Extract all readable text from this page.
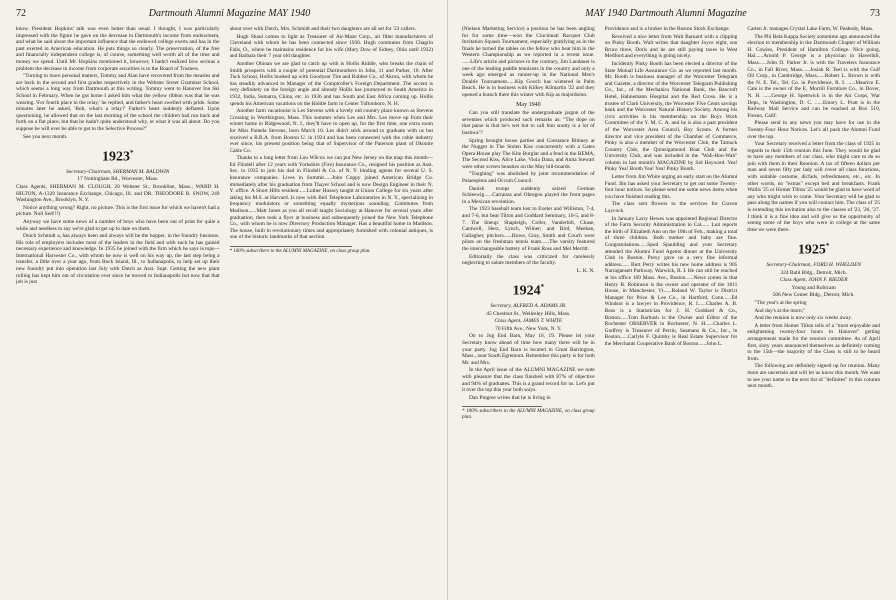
72	Dartmouth Alumni Magazine MAY 1940

know. President Hopkins' talk was even better than usual. I thought, I was particularly impressed with the figure he gave on the decrease in Dartmouth's income from endowment, and what he said about the important influence that the endowed college exerts and has in the past exerted in American education. He puts things so clearly. The preservation, of the free and financially independent college is, of course, something well worth all of the time and money we spend. Until Mr. Hopkins mentioned it, however, I hadn't realized how serious a problem the decrease in income from corporate securities is to the Board of Trustees.

"Turning to more personal matters, Tommy and Alan have recovered from the measles and are back in the second and first grades respectively in the Webster Street Grammar School, which seems a long way from Dartmouth at this writing. Tommy went to Hanover Inn Ski School in February. When he got home I asked him what the yellow ribbon was that he was wearing. 'For fourth place in the relay,' he replied, and father's heart swelled with pride. Some minutes later he asked, 'Bob, what's a relay?' Father's heart suddenly deflated. Upon questioning, he allowed that on the last morning of the school the children had run back and forth on a flat place, but that he hadn't quite understood why, or what it was all about. Do you suppose he will ever be able to get to the Selective Process?"

See you next month.

1923*
Secretary-Chairman, SHERMAN M. BALDWIN
17 Nottingham Rd., Worcester, Mass.

Class Agents, SHERMAN M. CLOUGH, 20 Webster St., Brookline, Mass.; WARD H. HILTON, A-1329 Insurance Exchange, Chicago, Ill. and DR. THEODORE R. SNOW, 249 Washington Ave., Brooklyn, N. Y.

Notice anything wrong? Right, no picture. This is the first issue for which we haven't had a picture. Null Sed!!!)

Anyway we have some news of a number of boys who have been out of print for quite a while and needless to say we're glad to get up to date on them.

Dutch Schmidt a, has always been and always will be the hopper, in the foundry business. His role of employers includes most of the leaders in the field and with each he has gained necessary experience and knowledge. In 1935 he joined with the firm which he says is tops—International Harvester Co., with whom he now is well on his way up, the last step being a transfer, a little over a year ago, from Rock Island, Ill., to Indianapolis, to help set up their new foundry put into operation last July with Dutch as Asst. Supt. Getting the new plant rolling has kept him out of circulation ever since he moved to Indianapolis but now that that job is just

about over with Dutch, Mrs. Schmidt and their two daughters are all set for '23 callers.

Hugh Shaul comes to light as Treasurer of Air-Maze Corp., air filter manufacturers of Cleveland with whom he has been connected since 1936. Hugh commutes from Chagrin Falls, O., where he maintains residence for his wife (Mary Dow of Sidney, Ohio until 1932) and Barbara their 7 year old daughter.

Another Ohioan we are glad to catch up with is Hollis Riddle, who breaks the chain of Smith prospects with a couple of potential Dartmouthers in John, 11 and Parker, 10. After Tuck School, Hollis hooked up with Goodyear Tire and Rubber Co., of Akron, with whom he has steadily advanced to Manager of the Comptroller's Foreign Department. The accent is very definitely on the foreign angle and already Hollis has journeyed to South America in 1932, India, Sumatra, China, etc. in 1936 and has South and East Africa coming up. Hollis spends his American vacations on the Riddle farm in Center Tuftonboro, N. H.

Another farm vacationist is Les Stevens with a lovely old country place known as Stevens Crossing in Worthington, Mass. This summer when Les and Mrs. Les move up from their winter home in Ridgewood, N. J., they'll have to open up, for the first time, one extra room for Miss Pamela Stevens, born March 10. Les didn't stick around to graduate with us but received a B.B.A. from Boston U. in 1924 and has been connected with the cable industry ever since, his present position being that of Supervisor of the Paterson plant of Okonite Cable Co.

Thanks to a long letter from Lou Wilcox we can put New Jersey on the map this month—Ed Flindell after 12 years with Yorkshire (Fire) Insurance Co., resigned his position as Asst. Sec. in 1935 to join his dad in Flindell & Co. of N. Y. binding agents for several U. S. Insurance companies. Lives in Summit......John Coppy joined American Bridge Co. immediately after his graduation from Thayer School and is now Design Engineer in their N. Y. office. A Short Hills resident......Luther Hussey taught at Union College for six years after taking his M.S. at Harvard. Is now with Bell Telephone Laboratories in N. Y., specializing in frequency modulators or something equally mysterious sounding. Commutes from Madison......Matt Jones as you all recall taught Sociology at Hanover for several years after graduation, then took a flyer at business and subsequently joined the New York Telephone Co., with whom he is now Directory Production Manager. Has a beautiful home in Madison. The house, built in revolutionary times and appropriately furnished with colonial antiques, is one of the historic landmarks of that section.

* 100% subscribers to the ALUMNI MAGAZINE, on class group plan.
MAY 1940 Dartmouth Alumni Magazine	73

(Nielsen Marketing Service) a position he has been angling for for some time—won the Cincinnati Racquet Club Invitation Squash Tournament, especially gratifying as in the finals he turned the tables on the fellow who beat him in the Western Championship as we reported in a recent issue. ......Life's article and pictures to the contrary, Jim Landauer is one of the leading paddle tennisists in the country and only a week ago emerged as runner-up in the National Men's Double Tournament......Kip Gooch has wintered in Palm Beach. He is in business with Kilkey Kilmartin '22 and they opened a branch there this winter with Kip as majordomo.

May 1940

Can you still translate the undergraduate jargon of the seventies which produced such remarks as: "The dope on that parse is that he's wet but to call him snotty is a lot of bushwa"?

Spring brought house parties and Constance Bimney at the Nugget in The Stolen Kiss concurrently with a Gates Opera House play The Kite Burglar and a feud in the BEMA, The Second Kiss, Alice Lake, Viola Dana, and Anita Stewart were other screen beauties on the May hill-boards.

"Toughing" was abolished by joint recommendation of Palaeopitus and Occum Council.

Danish troops suddenly seized German Schleswig......Carranza and Obregon played the front pages in a Mexican revolution.

The 1923 baseball team lost to Exeter and Williston, 7-4, and 7-6, but beat Tilton and Goddard Seminary, 10-5, and 8-7. The lineup: Shapleigh, Coller, Vanderbilt, Chase, Cantwell, Herz, Lynch, Wilner; and Bird, Meehan, Gallagher, pitchers......Howe, Gray, Smith and Couch were pilots on the freshman tennis team......The varsity featured the interchangeable battery of Frank Ross and Mel Merritt.

Editorially the class was criticized for carelessly neglecting to salute members of the faculty.

L. K. N.
1924*
Secretary, ALFRED A. ADAMS JR.
45 Chestnut St., Wellesley Hills, Mass.
Class Agent, JAMES T. WHITE
70 Fifth Ave., New York, N. Y.

On to Jug End Barn, May 16, 19. Please let your Secretary know ahead of time how many there will be in your party. Jug End Barn is located in Great Barrington, Mass., near South Egremont. Remember this party is for both Mr. and Mrs.

In the April issue of the ALUMNI MAGAZINE we note with pleasure that the class finished with 87% of objective and 94% of graduates. This is a grand record for us. Let's put it over the top this year both ways.

Dan Pingree writes that he is living in

* 100% subscribers to the ALUMNI MAGAZINE, on class group plan.

Providence and is a broker in the Boston Stock Exchange.

Received a nice letter from Walt Barnard with a clipping on Pinky Booth. Walt writes that daughter Joyce eight, son Bruce three, Doris and he are still paying taxes in West Medford and everything is going nicely.

Incidently Pinky Booth has been elected a director of the State Mutual Life Assurance Co. as we reported last month. Mr. Booth is business manager of the Worcester Telegram and Gazette, a director of the Worcester Telegram Publishing Co., Inc., of the Mechanics National Bank, the Bancroft Hotel, Hahnemann Hospital and the Red Cross. He is a trustee of Clark University, the Worcester Five Cents savings bank and the Worcester Natural History Society. Among his civic activities is his membership on the Boys Work Committee of the Y. M. C. A. and he is also a past president of the Worcester Area Council, Boy Scouts. A former director and vice president of the Chamber of Commerce, Pinky is also a member of the Worcester Club, the Tatnuck Country Club, the Quinsigamond Boat Club and the University Club, and was included in the "Wah-Hoo-Wah" column in last month's MAGAZINE by Sid Hayward. Yea! Pinky Yea! Booth Yea! Yea! Pinky Booth.

Letter from Jim White urging an early start on the Alumni Fund. Jim has asked your Secretary to get out some Twenty-four hour notices. So please send me some news items when you have finished reading this.

The class sent flowers to the services for Craven Laycock.

In January Larry Hewes was appointed Regional Director of the Farm Security Administration in Cal...... Luit reports the birth of Elizabeth Ann on the 10th of Feb., making a total of three children. Both mother and baby are fine. Congratulations......Spud Spaulding and your Secretary attended the Alumni Fund Agents dinner at the University Club in Boston. Prexy gave us a very fine informal address...... Burt Perry writes his new home address is 905 Narragansett Parkway, Warwick, R. I. He can still be reached at his office 169 Mass. Ave., Boston......News comes in that Henry B. Robinson is the owner and operator of the 1811 House, in Manchester, Vt......Roland W. Taylor is District Manager for Price & Lee Co., in Hartford, Conn......Ed Windsor is a lawyer in Providence, R. I......Charles A. B. Boss is a Statistician for J. H. Goddard & Co., Boston......Tom Barbush is the Owner and Editor of the Rochester OBSERVER in Rochester, N. H......Charles L. Godfrey is Treasurer of Perrin, Seamans & Co., Inc., in Boston......Carlyle F. Quimby is Real Estate Supervisor for the Merchants Cooperative Bank of Boston......John L.

Carten Jr. manages Crystal Lake Farm, W. Peabody, Mass.

The Phi Beta Kappa Society sometime ago announced the election to membership in the Dartmouth Chapter of William H. Cowles, President of Hamilton College. Nice going, Hal......Arnold P. George is a physician in Haverhill, Mass......John D. Parker Jr. is with the Travelers Insurance Co., in Fall River, Mass......Josiah R. Teel is with the Gulf Oil Corp., in Cambridge, Mass......Robert L. Brown is with the N. E. Tel., Tel. Co. in Providence, R. I. ......Maurice E. Cate is the owner of the E. Morrill Furniture Co., in Dover, N. H. ......George H. Spettwick is in the Air Corps, War Dept., in Washington, D. C. ......Emory L. Pratt is in the Railway Mail Service and can be reached at Box 510, Fresno, Calif.

Please send in any news you may have for use in the Twenty-Four Hour Notices. Let's all push the Alumni Fund over the top.

Your Secretary received a letter from the class of 1925 in regards to their 15th reunion this June. They would be glad to have any members of our class, who might care to do so join with them in their Reunion. A tax of fifteen dollars per man and seven fifty per lady will cover all class functions, with suitable costume, dicfads, refreshments, etc., etc. In other words, no "extras" except bed and breakfasts. Frank Wallis '25 or Homer Tilton '25 would be glad to have word of any who might wish to come. Your Secretary will be glad to pass along the names if you will contact him. The class of '25 is extending this invitation also to the classes of '23, '26, '27. I think it is a fine idea and will give us the opportunity of seeing some of the boys who were in college at the same time we were there.

1925*
Secretary-Chairman, FORD H. WHELDEN
324 Buhl Bldg., Detroit, Mich.
Class Agent, JOHN F. RIEDER
Young and Rubicam
506 New Center Bldg., Detroit, Mich.

"The year's at the spring

And day's at the morn;"

And the reunion is now only six weeks away.

A letter from Homer Tilton tells of a "most enjoyable and enlightening twenty-four hours in Hanover" getting arrangements made for the reunion committee. As of April first, sixty years announced themselves as definitely coming to the 15th—the majority of the Class is still to be heard from.

The following are definitely signed up for reunion. Many more are uncertain and will let us know this month. We want to see your name in the next list of "definites" in this column next month.
